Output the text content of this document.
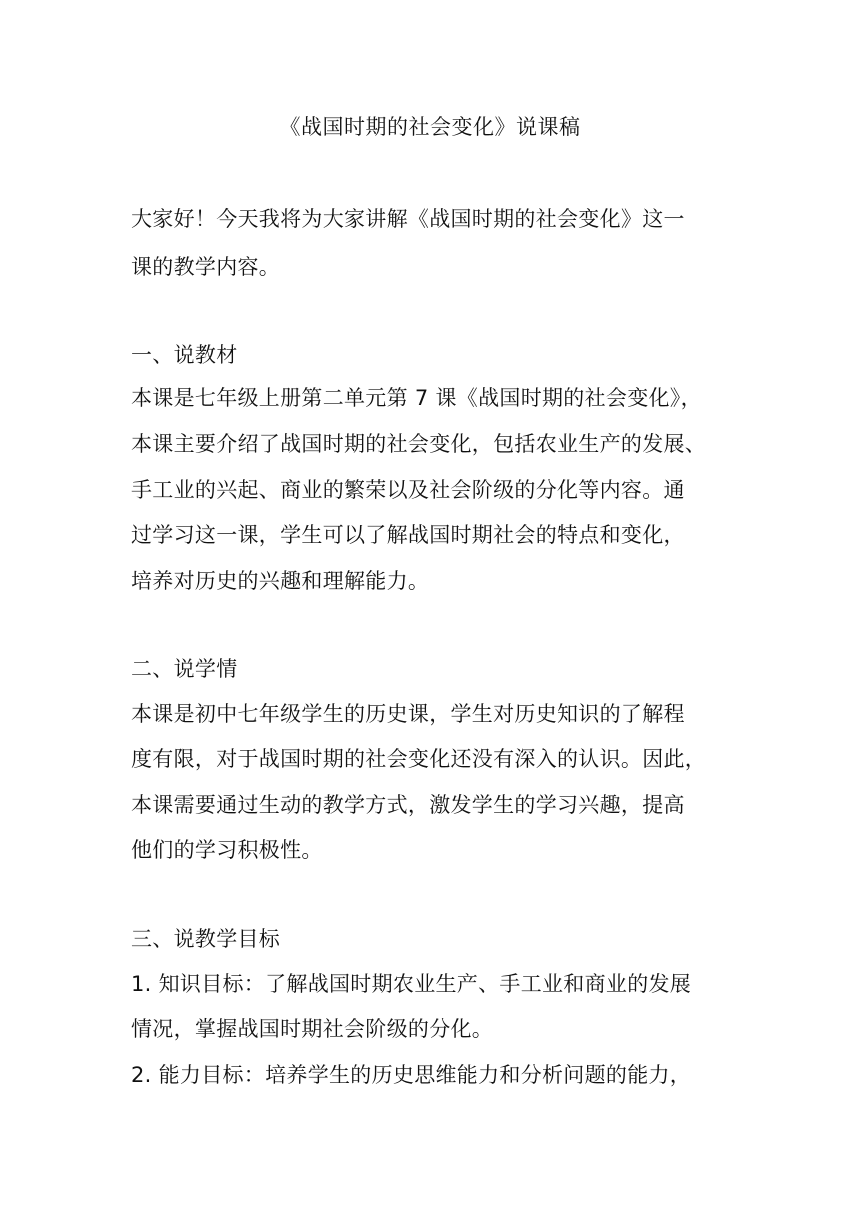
《战国时期的社会变化》说课稿
大家好！今天我将为大家讲解《战国时期的社会变化》这一
课的教学内容。
一、说教材
本课是七年级上册第二单元第 7 课《战国时期的社会变化》，
本课主要介绍了战国时期的社会变化，包括农业生产的发展、
手工业的兴起、商业的繁荣以及社会阶级的分化等内容。通
过学习这一课，学生可以了解战国时期社会的特点和变化，
培养对历史的兴趣和理解能力。
二、说学情
本课是初中七年级学生的历史课，学生对历史知识的了解程
度有限，对于战国时期的社会变化还没有深入的认识。因此，
本课需要通过生动的教学方式，激发学生的学习兴趣，提高
他们的学习积极性。
三、说教学目标
1. 知识目标：了解战国时期农业生产、手工业和商业的发展
情况，掌握战国时期社会阶级的分化。
2. 能力目标：培养学生的历史思维能力和分析问题的能力，
